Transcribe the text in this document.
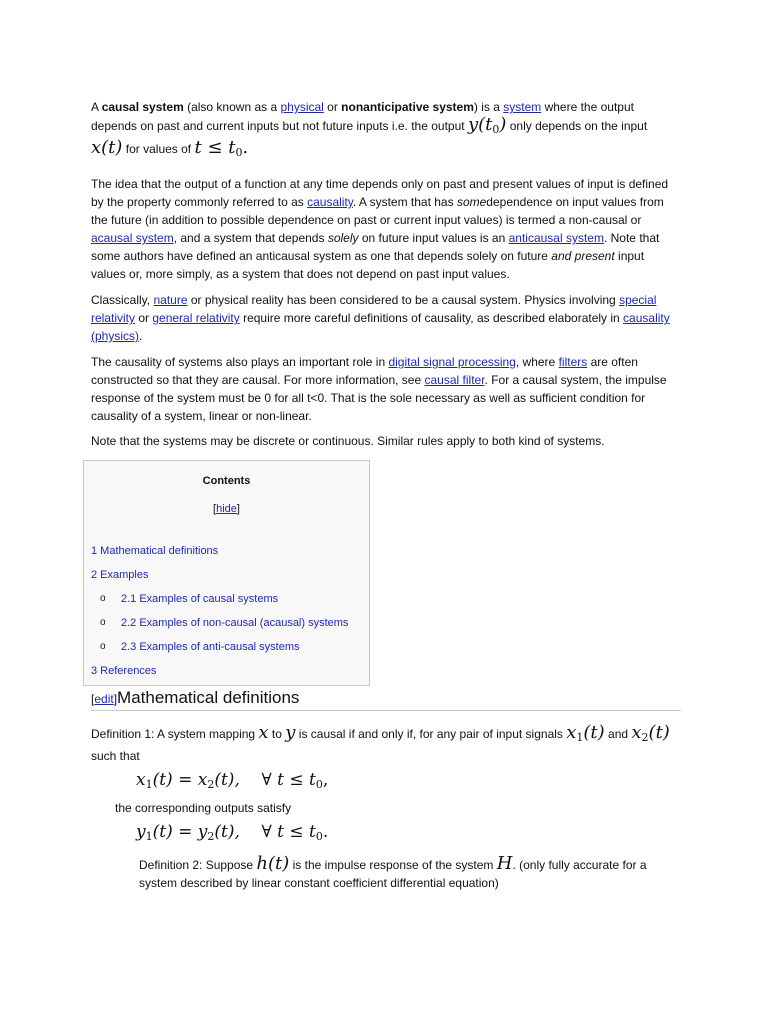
A causal system (also known as a physical or nonanticipative system) is a system where the output depends on past and current inputs but not future inputs i.e. the output $y(t_0)$ only depends on the input x(t) for values of $t \le t_0$.

The idea that the output of a function at any time depends only on past and present values of input is defined by the property commonly referred to as causality. A system that has somedependence on input values from the future (in addition to possible dependence on past or current input values) is termed a non-causal or acausal system, and a system that depends solely on future input values is an anticausal system. Note that some authors have defined an anticausal system as one that depends solely on future and present input values or, more simply, as a system that does not depend on past input values.

Classically, nature or physical reality has been considered to be a causal system. Physics involving special relativity or general relativity require more careful definitions of causality, as described elaborately in causality (physics).

The causality of systems also plays an important role in digital signal processing, where filters are often constructed so that they are causal. For more information, see causal filter. For a causal system, the impulse response of the system must be 0 for all t<0. That is the sole necessary as well as sufficient condition for causality of a system, linear or non-linear.

Note that the systems may be discrete or continuous. Similar rules apply to both kind of systems.

Contents
[hide]
1 Mathematical definitions
2 Examples
o 2.1 Examples of causal systems
o 2.2 Examples of non-causal (acausal) systems
o 2.3 Examples of anti-causal systems
3 References
[edit]Mathematical definitions

Definition 1: A system mapping x to y is causal if and only if, for any pair of input signals $x_1(t)$ and $x_2(t)$ such that

$x_1(t) = x_2(t)$, ∀ $t \le t_0$,

the corresponding outputs satisfy

$y_1(t) = y_2(t)$, ∀ $t \le t_0$.

Definition 2: Suppose h(t) is the impulse response of the system H. (only fully accurate for a system described by linear constant coefficient differential equation)
